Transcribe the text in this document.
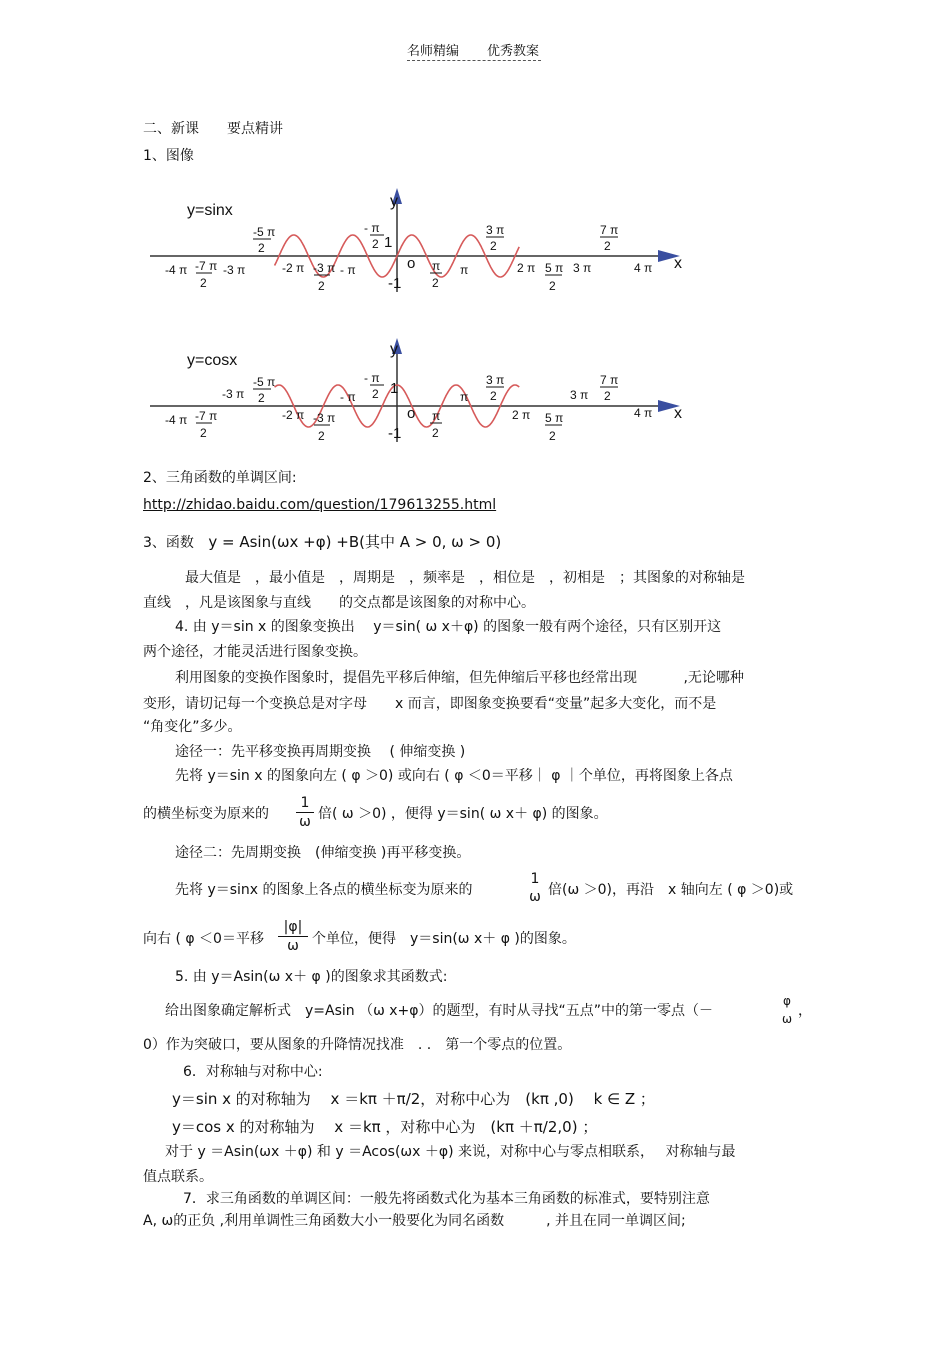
名师精编 优秀教案
二、新课　　要点精讲
1、图像
y=sinx
y
x
o
1
-1
-4 π -7 π
2
-3 π	-2 π -3 π
2
- π	π
2
π	2 π 5 π
2
3 π	4 π
-5 π
2
- π
2
3 π
2
7 π
2
y=cosx
y
x
o
1
-1
-4 π -7 π
2
-3 π
-2 π -3 π
2
- π
π
2
π
2 π 5 π
2
3 π
4 π
-5 π
2
- π
2
3 π
2
7 π
2
2、三角函数的单调区间:
http://zhidao.baidu.com/question/179613255.html
3、函数 y = Asin(ωx +φ) +B(其中 A > 0, ω > 0)
最大值是　，最小值是　，周期是　，频率是　，相位是　，初相是　；其图象的对称轴是
直线　，凡是该图象与直线　　的交点都是该图象的对称中心。
4. 由 y＝sin x 的图象变换出　 y＝sin( ω x＋φ) 的图象一般有两个途径，只有区别开这
两个途径，才能灵活进行图象变换。
利用图象的变换作图象时，提倡先平移后伸缩，但先伸缩后平移也经常出现　　　 ,无论哪种
变形，请切记每一个变换总是对字母　　x 而言，即图象变换要看“变量”起多大变化，而不是
“角变化”多少。
途径一：先平移变换再周期变换　 ( 伸缩变换 )
先将 y＝sin x 的图象向左 ( φ ＞0) 或向右 ( φ ＜0＝平移｜ φ ｜个单位，再将图象上各点
的横坐标变为原来的 $\frac{1}{\omega}$ 倍( ω ＞0) ，便得 y＝sin( ω x＋ φ) 的图象。
途径二：先周期变换　(伸缩变换 )再平移变换。
先将 y＝sinx 的图象上各点的横坐标变为原来的
1
ω 倍(ω ＞0)，再沿　x 轴向左 ( φ ＞0)或
向右 ( φ ＜0＝平移 $\frac{|\varphi|}{\omega}$ 个单位，便得　y＝sin(ω x＋ φ )的图象。
5. 由 y＝Asin(ω x＋ φ )的图象求其函数式:
给出图象确定解析式　y=Asin （ω x+φ）的题型，有时从寻找“五点”中的第一零点（－
φ
ω ，
0）作为突破口，要从图象的升降情况找准　. .　第一个零点的位置。
6．对称轴与对称中心:
y＝sin x 的对称轴为　 x ＝kπ ＋π/2，对称中心为　(kπ ,0)　 k ∈ Z ；
y＝cos x 的对称轴为　 x ＝kπ ，对称中心为　(kπ ＋π/2,0) ；
对于 y ＝Asin(ωx ＋φ) 和 y ＝Acos(ωx ＋φ) 来说，对称中心与零点相联系，　 对称轴与最
值点联系。
7．求三角函数的单调区间：一般先将函数式化为基本三角函数的标准式，要特别注意
A, ω的正负 ,利用单调性三角函数大小一般要化为同名函数　　　, 并且在同一单调区间;
